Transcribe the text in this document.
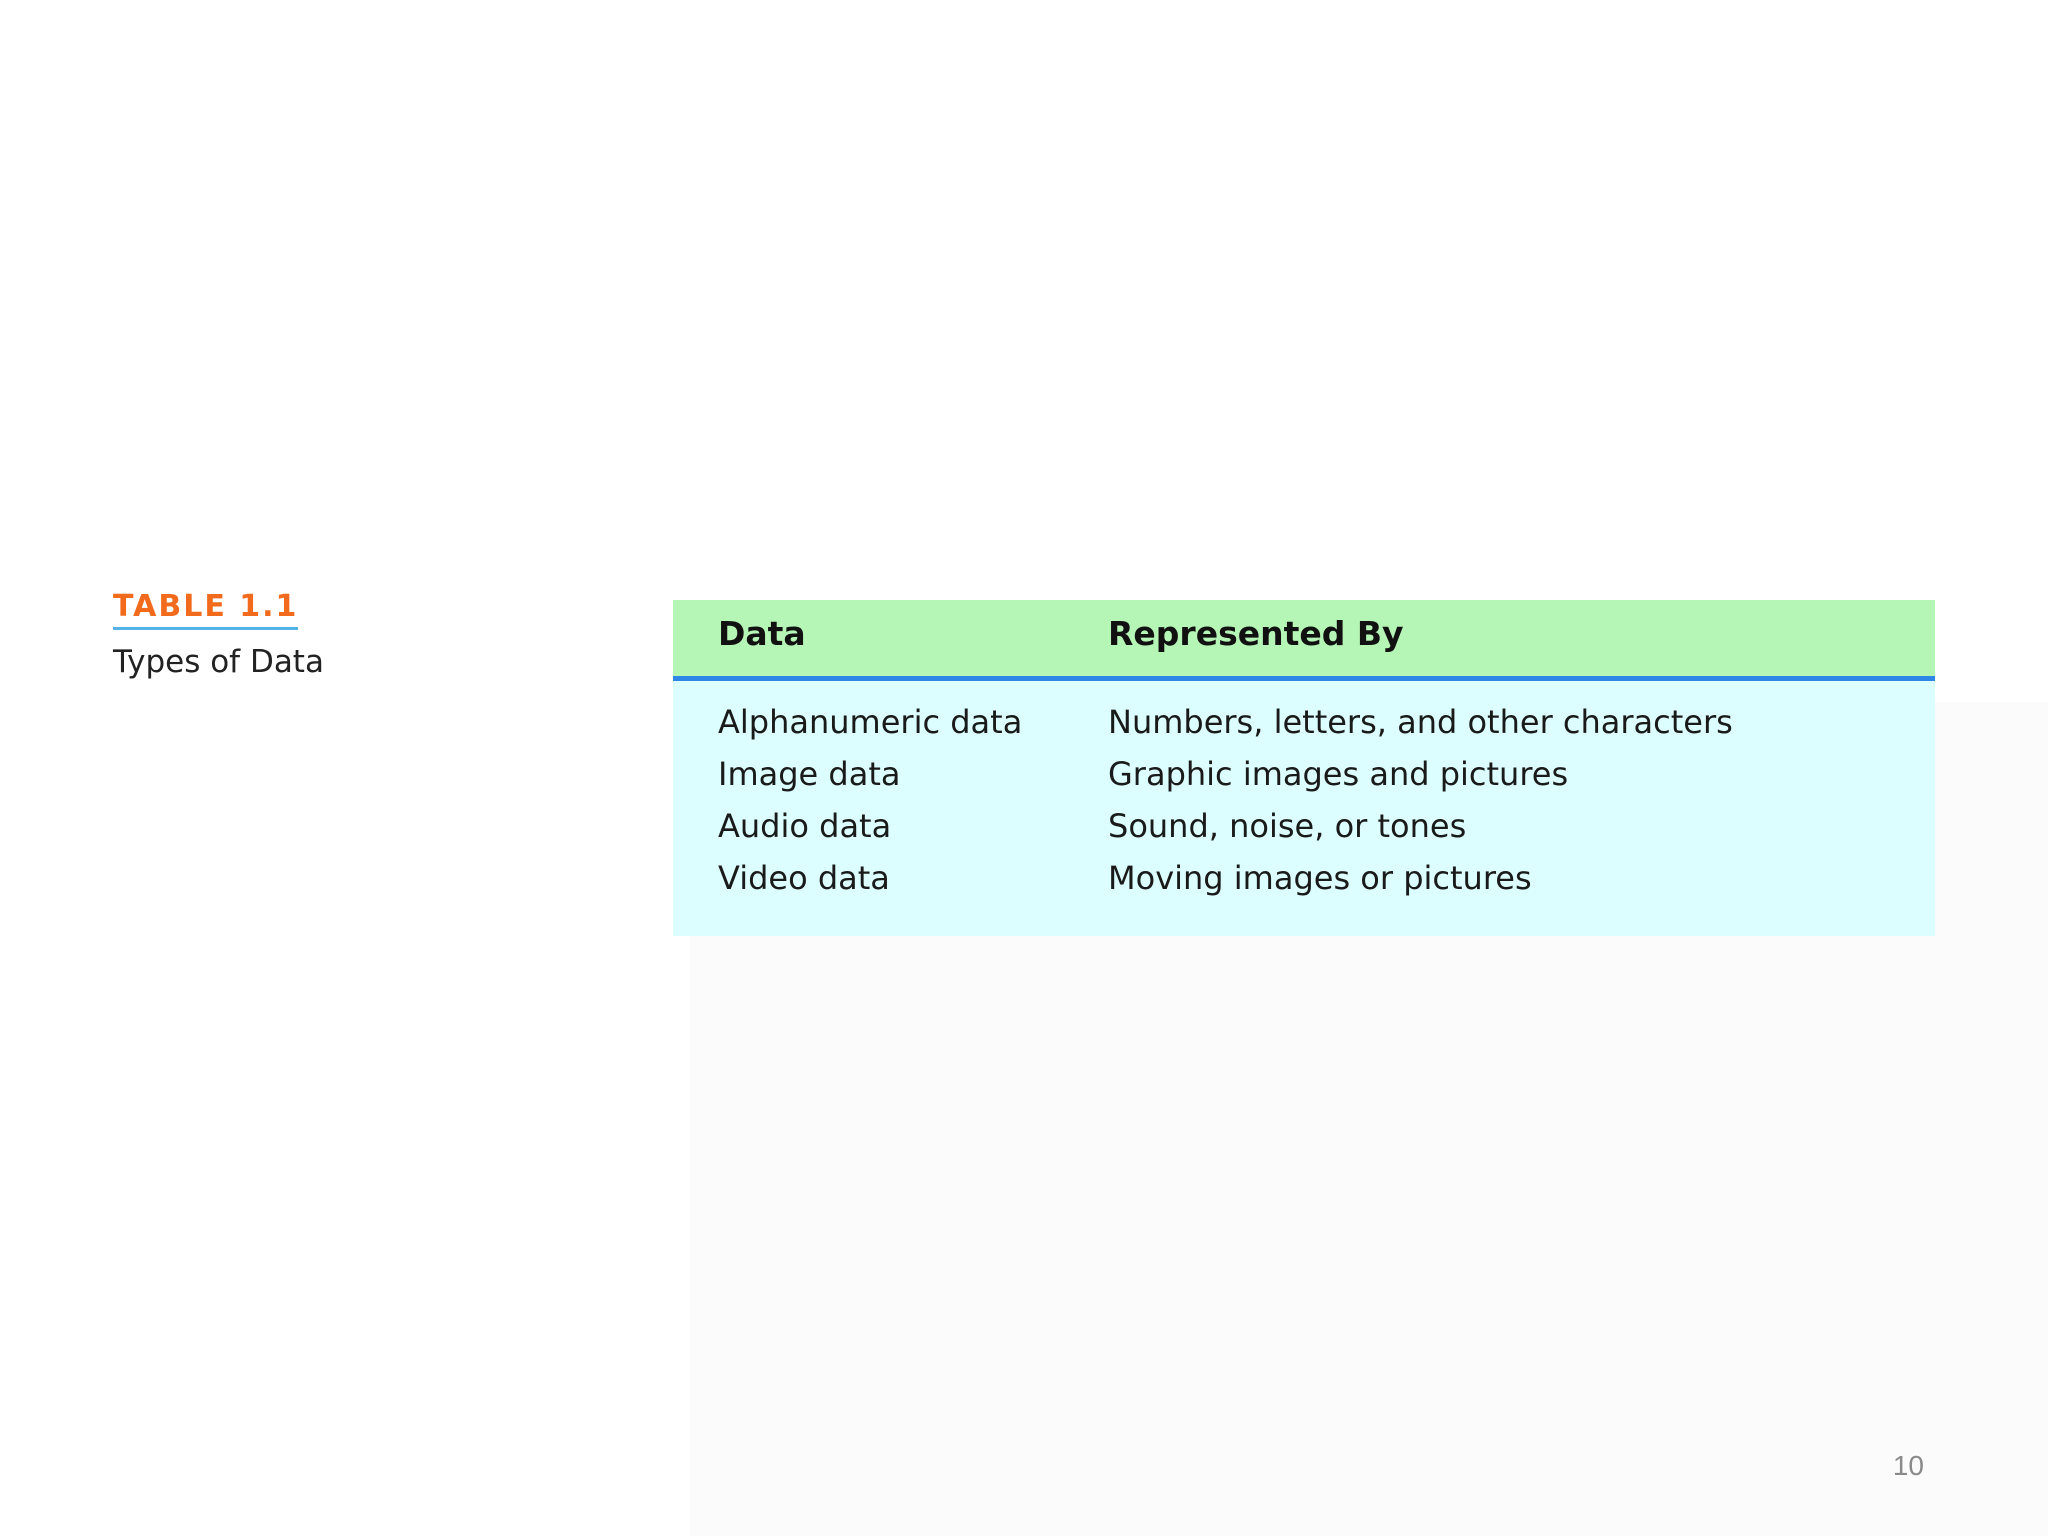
TABLE 1.1
Types of Data
Data	Represented By
Alphanumeric data	Numbers, letters, and other characters
Image data	Graphic images and pictures
Audio data	Sound, noise, or tones
Video data	Moving images or pictures
10
